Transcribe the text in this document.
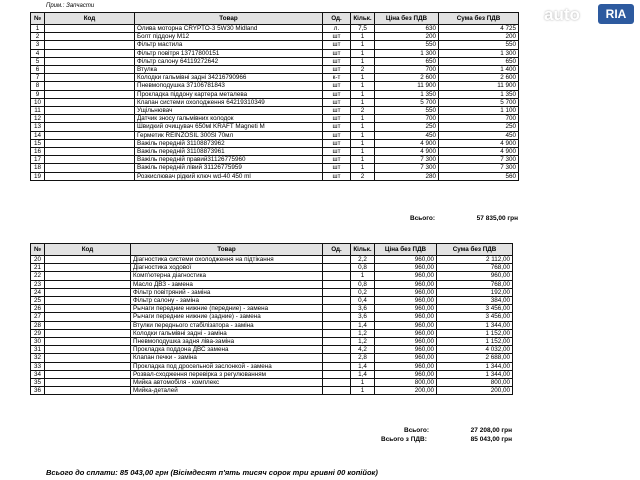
Прим.: Запчасти
№	Код	Товар	Од.	Кільк.	Ціна без ПДВ	Сума без ПДВ
1		Олива моторна CRYPTO-3 5W30 Midland	л.	7,5	630	4 725
2		Болт піддону M12	шт	1	200	200
3		Фільтр мастила	шт	1	550	550
4		Фільтр повітря 13717800151	шт	1	1 300	1 300
5		Фільтр салону 64119272642	шт	1	650	650
6		Втулка	шт	2	700	1 400
7		Колодки гальмівні задні 34216790966	к-т	1	2 600	2 600
8		Пневмоподушка 37106781843	шт	1	11 900	11 900
9		Прокладка піддону картера металева	шт	1	1 350	1 350
10		Клапан системи охолодження 64219310349	шт	1	5 700	5 700
11		Ущільнювач	шт	2	550	1 100
12		Датчик зносу гальмівних колодок	шт	1	700	700
13		Швидкий очищувач 650мl KRAFT Magneti M	шт	1	250	250
14		Герметик REINZOSIL 300Sl 70мл	шт	1	450	450
15		Важіль передній 31108873962	шт	1	4 900	4 900
16		Важіль передній 31108873961	шт	1	4 900	4 900
17		Важіль передній правий31126775960	шт	1	7 300	7 300
18		Важіль передній лівий 31126775959	шт	1	7 300	7 300
19		Розкислювач рідкий ключ wd-40 450 ml	шт	2	280	560
Всього:	57 835,00 грн
№	Код	Товар	Од.	Кільк.	Ціна без ПДВ	Сума без ПДВ
20		Діагностика системи охолодження на підтікання		2,2	960,00	2 112,00
21		Діагностика ходової		0,8	960,00	768,00
22		Комп'ютерна діагностика		1	960,00	960,00
23		Масло ДВЗ - замена		0,8	960,00	768,00
24		Фільтр повітряний - заміна		0,2	960,00	192,00
25		Фільтр салону - заміна		0,4	960,00	384,00
26		Рычаги передние нижние (передние) - замена		3,6	960,00	3 456,00
27		Рычаги передние нижние (задние) - замена		3,6	960,00	3 456,00
28		Втулки переднього стабілізатора - заміна		1,4	960,00	1 344,00
29		Колодки гальмівні задні - заміна		1,2	960,00	1 152,00
30		Пневмоподушка задня ліва-заміна		1,2	960,00	1 152,00
31		Прокладка поддона ДВС замена		4,2	960,00	4 032,00
32		Клапан печки - заміна		2,8	960,00	2 688,00
33		Прокладка под дросельной заслонкой - замена		1,4	960,00	1 344,00
34		Розвал-сходження перевірка з регулюванням		1,4	960,00	1 344,00
35		Мийка автомобіля - комплекс		1	800,00	800,00
36		Мийка-деталей		1	200,00	200,00
Всього:	27 208,00 грн
Всього з ПДВ:	85 043,00 грн
Всього до сплати: 85 043,00 грн (Вісімдесят п'ять тисяч сорок три гривні 00 копійок)
auto	RIA
